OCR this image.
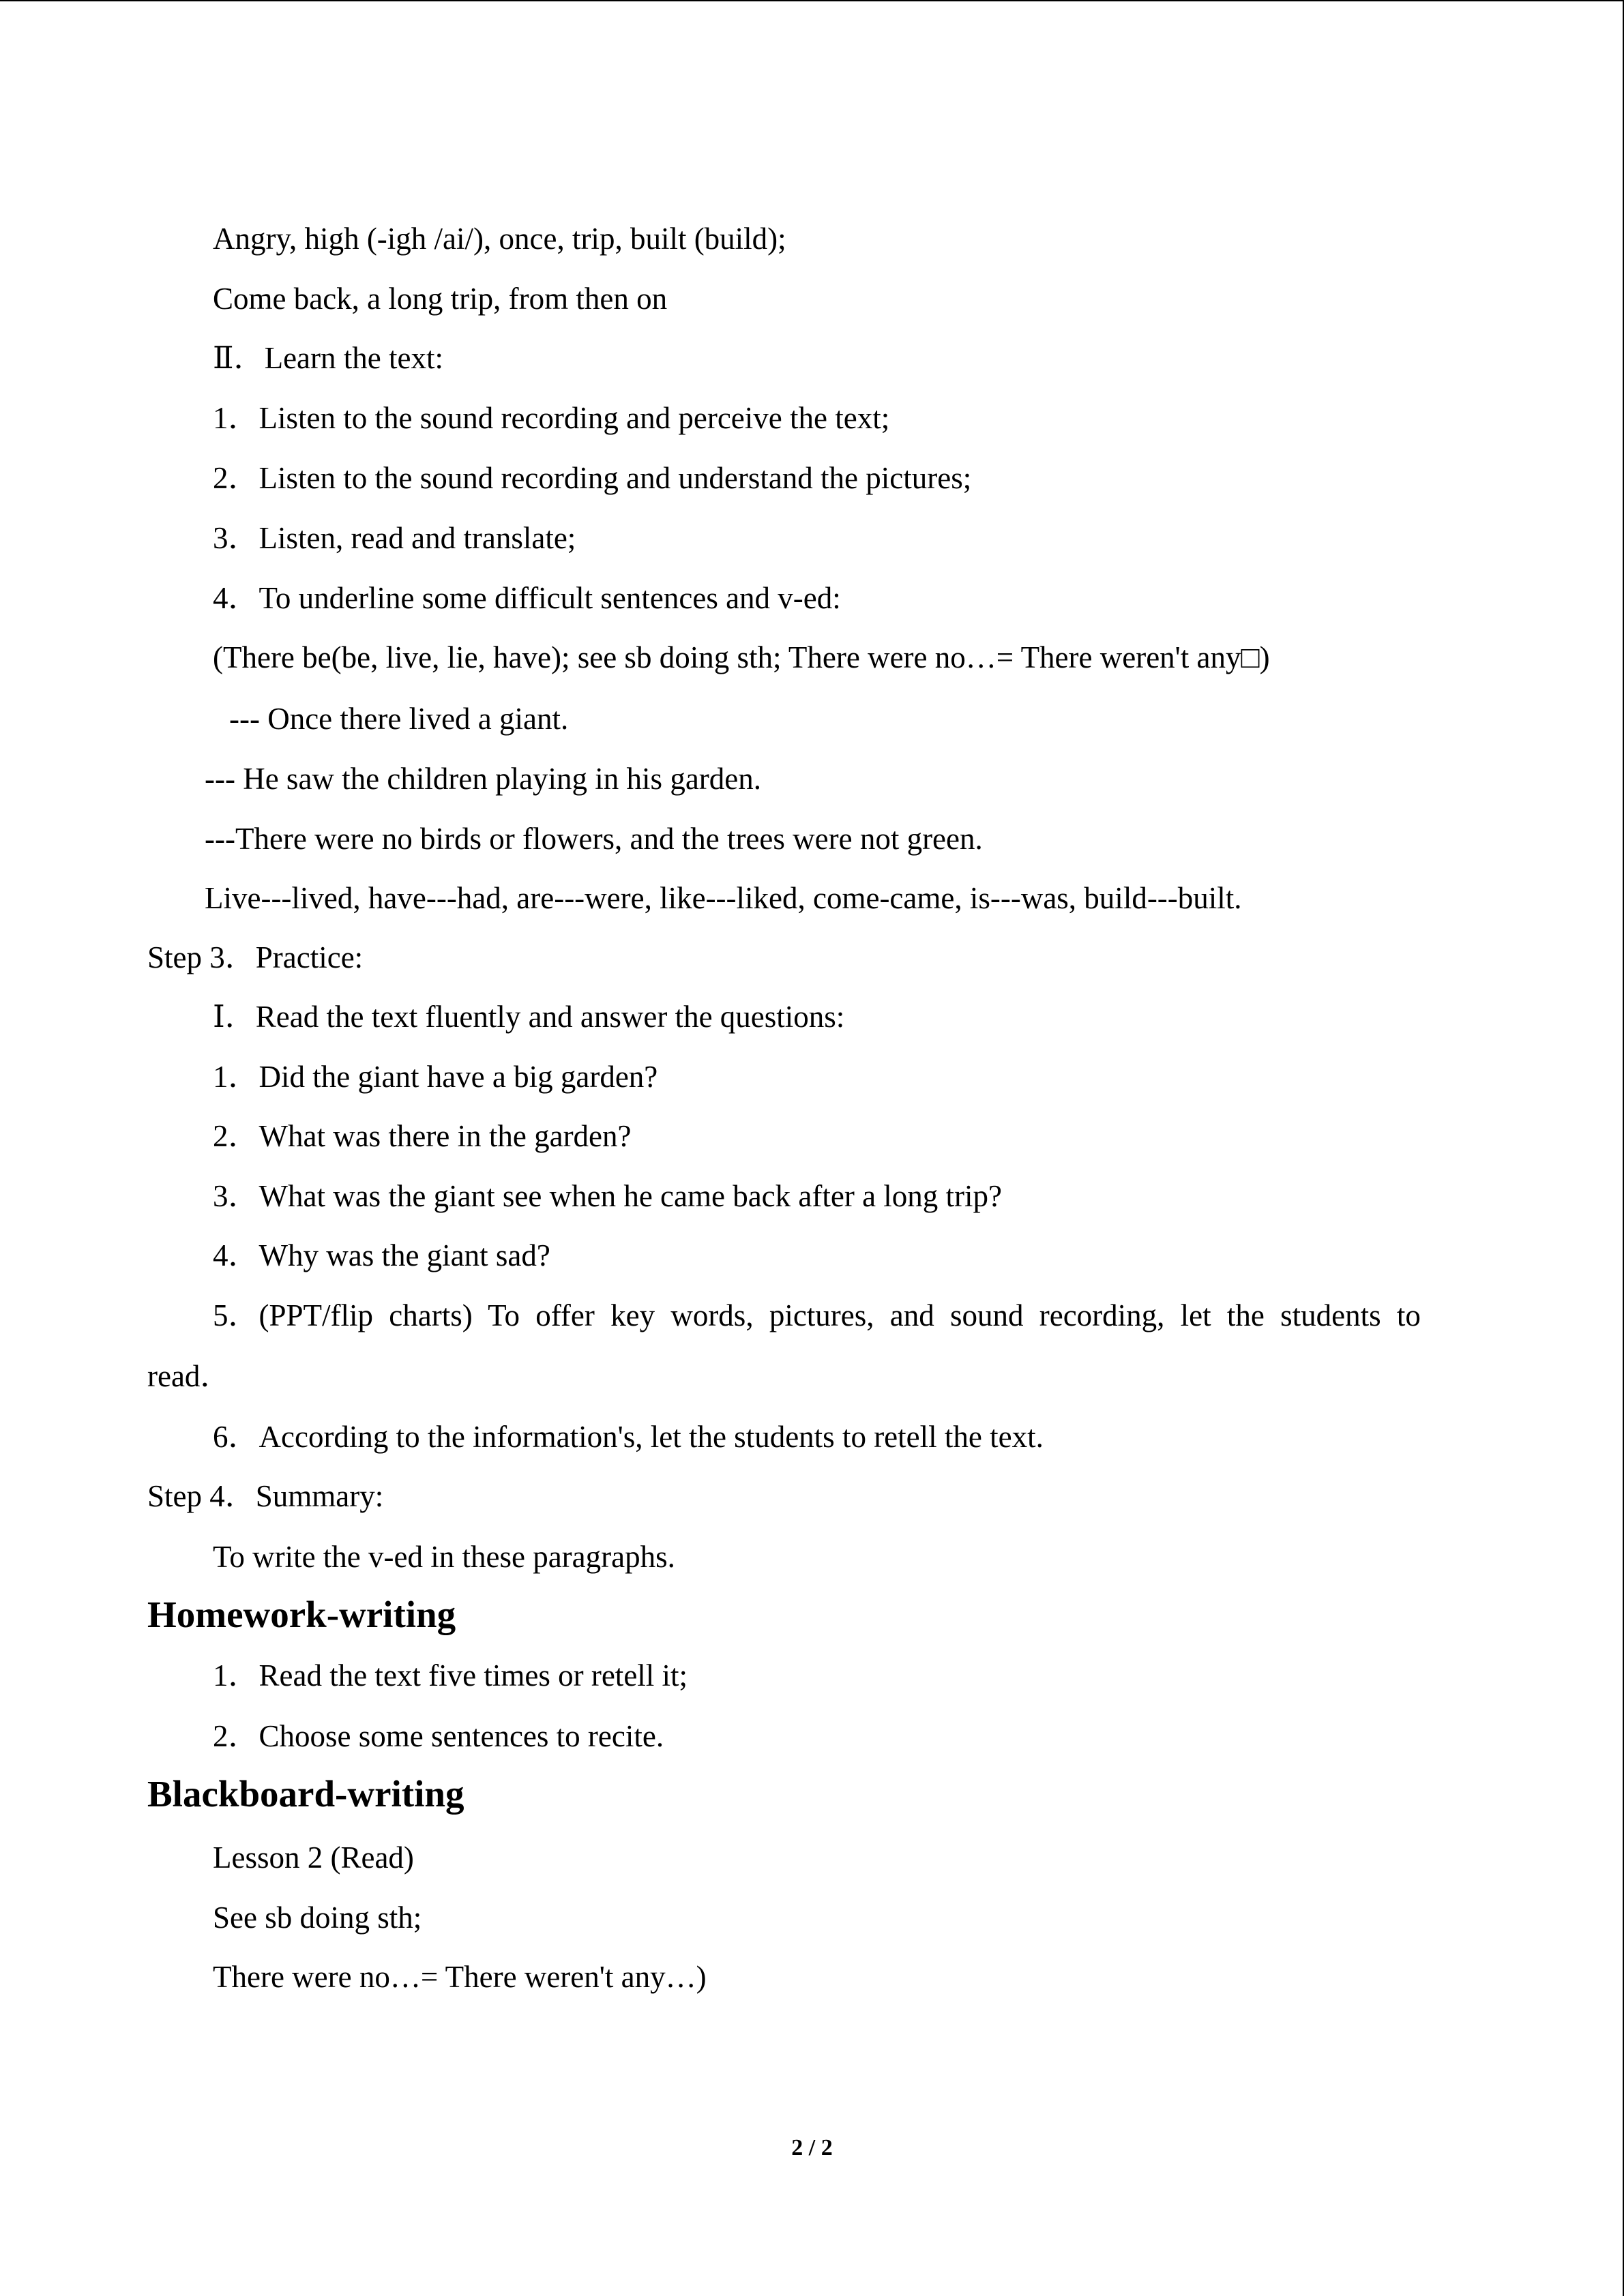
Angry, high (-igh /ai/), once, trip, built (build);
Come back, a long trip, from then on
Ⅱ．Learn the text:
1．Listen to the sound recording and perceive the text;
2．Listen to the sound recording and understand the pictures;
3．Listen, read and translate;
4．To underline some difficult sentences and v-ed:
(There be(be, live, lie, have); see sb doing sth; There were no…= There weren't any□)
--- Once there lived a giant.
--- He saw the children playing in his garden.
---There were no birds or flowers, and the trees were not green.
Live---lived, have---had, are---were, like---liked, come-came, is---was, build---built.
Step 3．Practice:
Ⅰ．Read the text fluently and answer the questions:
1．Did the giant have a big garden?
2．What was there in the garden?
3．What was the giant see when he came back after a long trip?
4．Why was the giant sad?
5．(PPT/flip charts) To offer key words, pictures, and sound recording, let the students to
read．
6．According to the information's, let the students to retell the text.
Step 4．Summary:
To write the v-ed in these paragraphs.
Homework-writing
1．Read the text five times or retell it;
2．Choose some sentences to recite.
Blackboard-writing
Lesson 2 (Read)
See sb doing sth;
There were no…= There weren't any…)
2 / 2
